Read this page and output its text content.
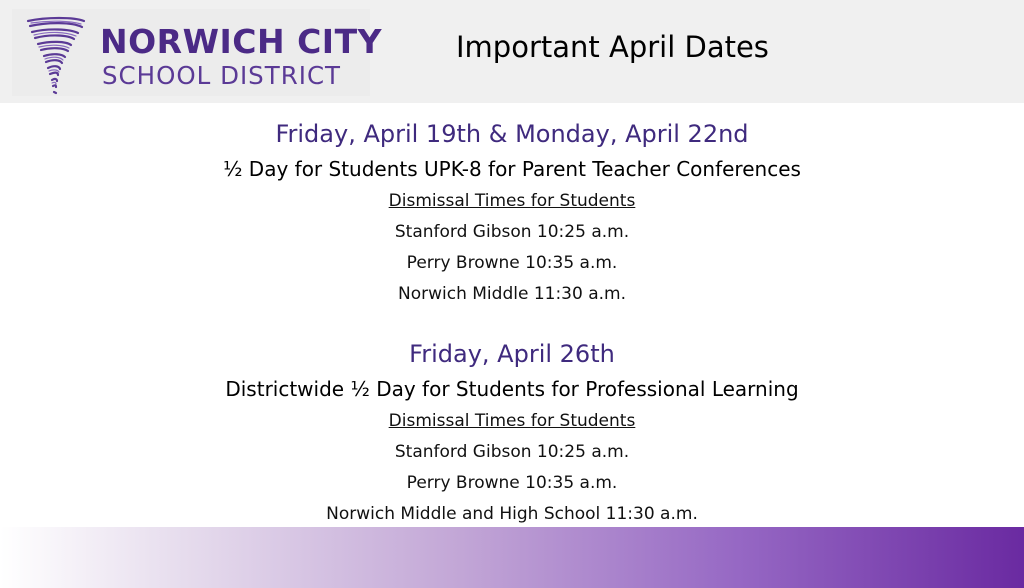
NORWICH CITY
SCHOOL DISTRICT
Important April Dates
Friday, April 19th & Monday, April 22nd
½ Day for Students UPK-8 for Parent Teacher Conferences
Dismissal Times for Students
Stanford Gibson 10:25 a.m.
Perry Browne 10:35 a.m.
Norwich Middle 11:30 a.m.
Friday, April 26th
Districtwide ½ Day for Students for Professional Learning
Dismissal Times for Students
Stanford Gibson 10:25 a.m.
Perry Browne 10:35 a.m.
Norwich Middle and High School 11:30 a.m.
